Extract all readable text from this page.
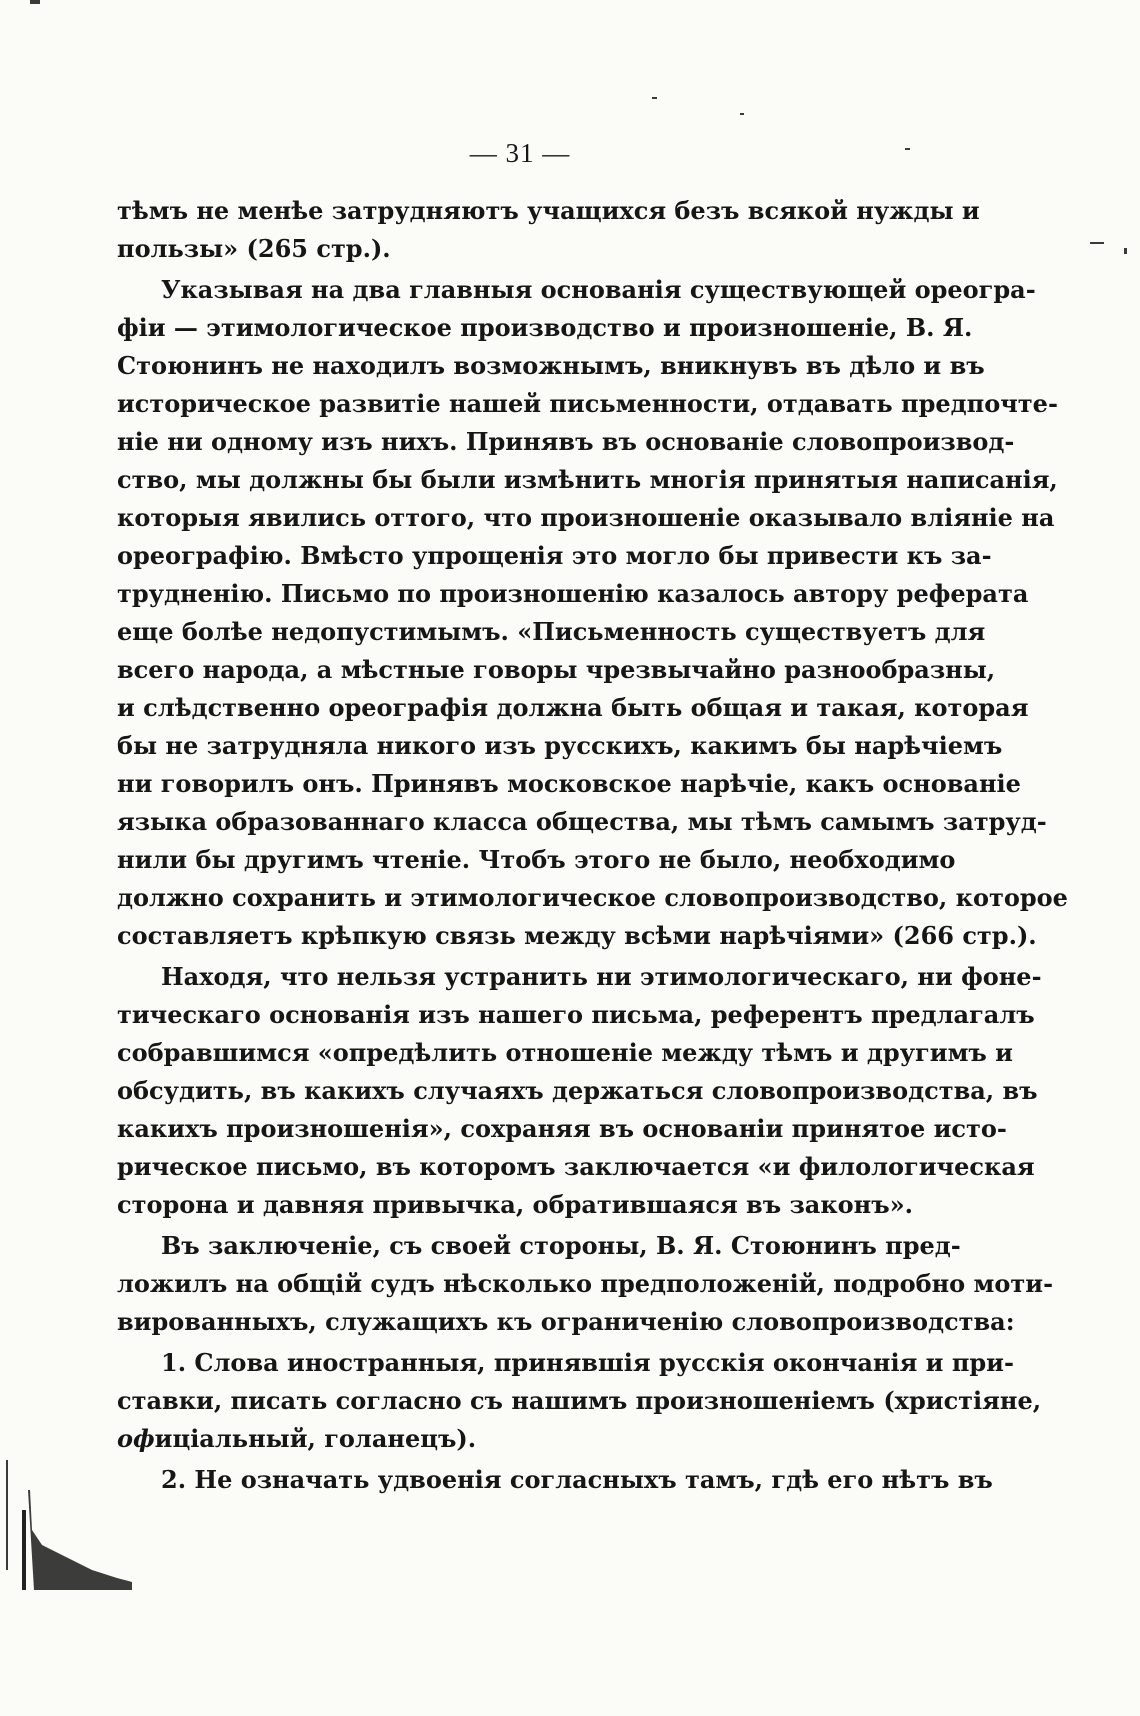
— 31 —
тѣмъ не менѣе затрудняютъ учащихся безъ всякой нужды и
пользы» (265 стр.).
Указывая на два главныя основанія существующей ореогра-
фіи — этимологическое производство и произношеніе, В. Я.
Стоюнинъ не находилъ возможнымъ, вникнувъ въ дѣло и въ
историческое развитіе нашей письменности, отдавать предпочте-
ніе ни одному изъ нихъ. Принявъ въ основаніе словопроизвод-
ство, мы должны бы были измѣнить многія принятыя написанія,
которыя явились оттого, что произношеніе оказывало вліяніе на
ореографію. Вмѣсто упрощенія это могло бы привести къ за-
трудненію. Письмо по произношенію казалось автору реферата
еще болѣе недопустимымъ. «Письменность существуетъ для
всего народа, а мѣстные говоры чрезвычайно разнообразны,
и слѣдственно ореографія должна быть общая и такая, которая
бы не затрудняла никого изъ русскихъ, какимъ бы нарѣчіемъ
ни говорилъ онъ. Принявъ московское нарѣчіе, какъ основаніе
языка образованнаго класса общества, мы тѣмъ самымъ затруд-
нили бы другимъ чтеніе. Чтобъ этого не было, необходимо
должно сохранить и этимологическое словопроизводство, которое
составляетъ крѣпкую связь между всѣми нарѣчіями» (266 стр.).
Находя, что нельзя устранить ни этимологическаго, ни фоне-
тическаго основанія изъ нашего письма, референтъ предлагалъ
собравшимся «опредѣлить отношеніе между тѣмъ и другимъ и
обсудить, въ какихъ случаяхъ держаться словопроизводства, въ
какихъ произношенія», сохраняя въ основаніи принятое исто-
рическое письмо, въ которомъ заключается «и филологическая
сторона и давняя привычка, обратившаяся въ законъ».
Въ заключеніе, съ своей стороны, В. Я. Стоюнинъ пред-
ложилъ на общій судъ нѣсколько предположеній, подробно моти-
вированныхъ, служащихъ къ ограниченію словопроизводства:
1. Слова иностранныя, принявшія русскія окончанія и при-
ставки, писать согласно съ нашимъ произношеніемъ (христіяне,
офиціальный, голанецъ).
2. Не означать удвоенія согласныхъ тамъ, гдѣ его нѣтъ въ
